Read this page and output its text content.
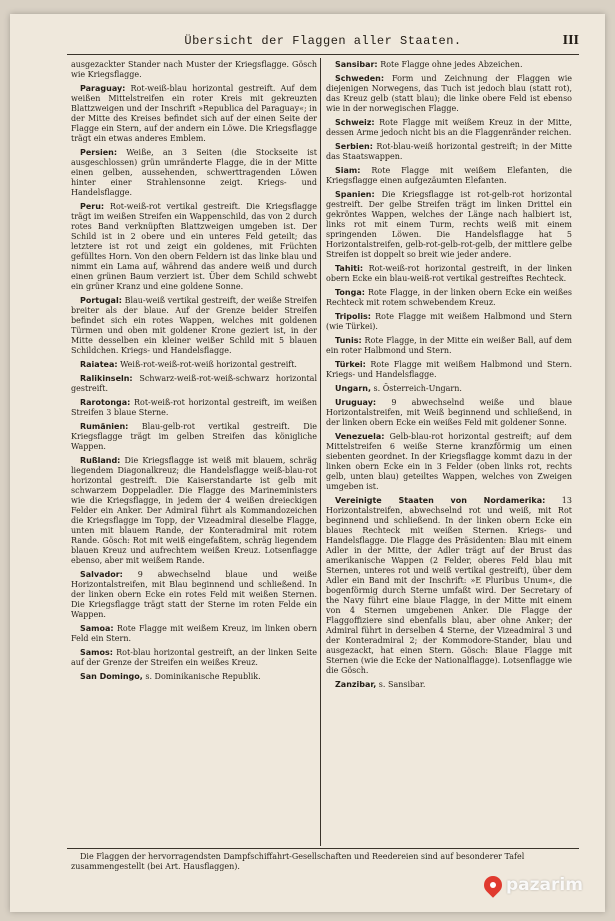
Übersicht der Flaggen aller Staaten.	III

ausgezackter Stander nach Muster der Kriegsflagge. Gösch wie Kriegsflagge.

Paraguay: Rot-weiß-blau horizontal gestreift. Auf dem weißen Mittelstreifen ein roter Kreis mit gekreuzten Blattzweigen und der Inschrift »Republica del Paraguay«; in der Mitte des Kreises befindet sich auf der einen Seite der Flagge ein Stern, auf der andern ein Löwe. Die Kriegsflagge trägt ein etwas anderes Emblem.

Persien: Weiße, an 3 Seiten (die Stockseite ist ausgeschlossen) grün umränderte Flagge, die in der Mitte einen gelben, aussehenden, schwerttragenden Löwen hinter einer Strahlensonne zeigt. Kriegs- und Handelsflagge.

Peru: Rot-weiß-rot vertikal gestreift. Die Kriegsflagge trägt im weißen Streifen ein Wappenschild, das von 2 durch rotes Band verknüpften Blattzweigen umgeben ist. Der Schild ist in 2 obere und ein unteres Feld geteilt; das letztere ist rot und zeigt ein goldenes, mit Früchten gefülltes Horn. Von den obern Feldern ist das linke blau und nimmt ein Lama auf, während das andere weiß und durch einen grünen Baum verziert ist. Über dem Schild schwebt ein grüner Kranz und eine goldene Sonne.

Portugal: Blau-weiß vertikal gestreift, der weiße Streifen breiter als der blaue. Auf der Grenze beider Streifen befindet sich ein rotes Wappen, welches mit goldenen Türmen und oben mit goldener Krone geziert ist, in der Mitte desselben ein kleiner weißer Schild mit 5 blauen Schildchen. Kriegs- und Handelsflagge.

Raiatea: Weiß-rot-weiß-rot-weiß horizontal gestreift.

Ralikinseln: Schwarz-weiß-rot-weiß-schwarz horizontal gestreift.

Rarotonga: Rot-weiß-rot horizontal gestreift, im weißen Streifen 3 blaue Sterne.

Rumänien: Blau-gelb-rot vertikal gestreift. Die Kriegsflagge trägt im gelben Streifen das königliche Wappen.

Rußland: Die Kriegsflagge ist weiß mit blauem, schräg liegendem Diagonalkreuz; die Handelsflagge weiß-blau-rot horizontal gestreift. Die Kaiserstandarte ist gelb mit schwarzem Doppeladler. Die Flagge des Marineministers wie die Kriegsflagge, in jedem der 4 weißen dreieckigen Felder ein Anker. Der Admiral führt als Kommandozeichen die Kriegsflagge im Topp, der Vizeadmiral dieselbe Flagge, unten mit blauem Rande, der Konteradmiral mit rotem Rande. Gösch: Rot mit weiß eingefaßtem, schräg liegendem blauen Kreuz und aufrechtem weißen Kreuz. Lotsenflagge ebenso, aber mit weißem Rande.

Salvador: 9 abwechselnd blaue und weiße Horizontalstreifen, mit Blau beginnend und schließend. In der linken obern Ecke ein rotes Feld mit weißen Sternen. Die Kriegsflagge trägt statt der Sterne im roten Felde ein Wappen.

Samoa: Rote Flagge mit weißem Kreuz, im linken obern Feld ein Stern.

Samos: Rot-blau horizontal gestreift, an der linken Seite auf der Grenze der Streifen ein weißes Kreuz.

San Domingo, s. Dominikanische Republik.

Sansibar: Rote Flagge ohne jedes Abzeichen.

Schweden: Form und Zeichnung der Flaggen wie diejenigen Norwegens, das Tuch ist jedoch blau (statt rot), das Kreuz gelb (statt blau); die linke obere Feld ist ebenso wie in der norwegischen Flagge.

Schweiz: Rote Flagge mit weißem Kreuz in der Mitte, dessen Arme jedoch nicht bis an die Flaggenränder reichen.

Serbien: Rot-blau-weiß horizontal gestreift; in der Mitte das Staatswappen.

Siam: Rote Flagge mit weißem Elefanten, die Kriegsflagge einen aufgezäumten Elefanten.

Spanien: Die Kriegsflagge ist rot-gelb-rot horizontal gestreift. Der gelbe Streifen trägt im linken Drittel ein gekröntes Wappen, welches der Länge nach halbiert ist, links rot mit einem Turm, rechts weiß mit einem springenden Löwen. Die Handelsflagge hat 5 Horizontalstreifen, gelb-rot-gelb-rot-gelb, der mittlere gelbe Streifen ist doppelt so breit wie jeder andere.

Tahiti: Rot-weiß-rot horizontal gestreift, in der linken obern Ecke ein blau-weiß-rot vertikal gestreiftes Rechteck.

Tonga: Rote Flagge, in der linken obern Ecke ein weißes Rechteck mit rotem schwebendem Kreuz.

Tripolis: Rote Flagge mit weißem Halbmond und Stern (wie Türkei).

Tunis: Rote Flagge, in der Mitte ein weißer Ball, auf dem ein roter Halbmond und Stern.

Türkei: Rote Flagge mit weißem Halbmond und Stern. Kriegs- und Handelsflagge.

Ungarn, s. Österreich-Ungarn.

Uruguay: 9 abwechselnd weiße und blaue Horizontalstreifen, mit Weiß beginnend und schließend, in der linken obern Ecke ein weißes Feld mit goldener Sonne.

Venezuela: Gelb-blau-rot horizontal gestreift; auf dem Mittelstreifen 6 weiße Sterne kranzförmig um einen siebenten geordnet. In der Kriegsflagge kommt dazu in der linken obern Ecke ein in 3 Felder (oben links rot, rechts gelb, unten blau) geteiltes Wappen, welches von Zweigen umgeben ist.

Vereinigte Staaten von Nordamerika: 13 Horizontalstreifen, abwechselnd rot und weiß, mit Rot beginnend und schließend. In der linken obern Ecke ein blaues Rechteck mit weißen Sternen. Kriegs- und Handelsflagge. Die Flagge des Präsidenten: Blau mit einem Adler in der Mitte, der Adler trägt auf der Brust das amerikanische Wappen (2 Felder, oberes Feld blau mit Sternen, unteres rot und weiß vertikal gestreift), über dem Adler ein Band mit der Inschrift: »E Pluribus Unum«, die bogenförmig durch Sterne umfaßt wird. Der Secretary of the Navy führt eine blaue Flagge, in der Mitte mit einem von 4 Sternen umgebenen Anker. Die Flagge der Flaggoffiziere sind ebenfalls blau, aber ohne Anker; der Admiral führt in derselben 4 Sterne, der Vizeadmiral 3 und der Konteradmiral 2; der Kommodore-Stander, blau und ausgezackt, hat einen Stern. Gösch: Blaue Flagge mit Sternen (wie die Ecke der Nationalflagge). Lotsenflagge wie die Gösch.

Zanzibar, s. Sansibar.

Die Flaggen der hervorragendsten Dampfschiffahrt-Gesellschaften und Reedereien sind auf besonderer Tafel zusammengestellt (bei Art. Hausflaggen).
pazarim
